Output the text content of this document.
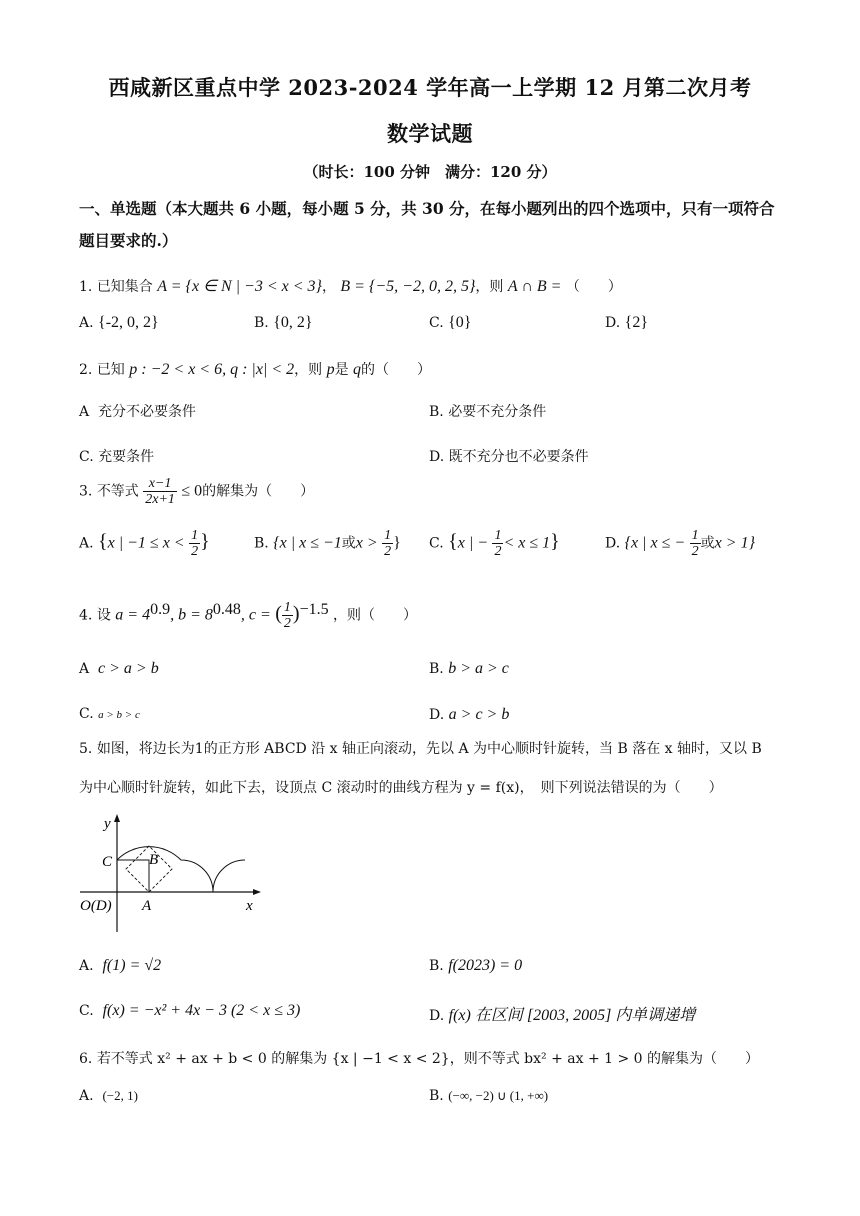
西咸新区重点中学 2023-2024 学年高一上学期 12 月第二次月考
数学试题
（时长：100 分钟　满分：120 分）
一、单选题（本大题共 6 小题，每小题 5 分，共 30 分，在每小题列出的四个选项中，只有一项符合题目要求的.）
1. 已知集合 A = {x ∈ N | −3 < x < 3}， B = {−5, −2, 0, 2, 5}，则 A ∩ B = （　　）
A. {-2, 0, 2}	B. {0, 2}	C. {0}	D. {2}
2. 已知 p : −2 < x < 6, q : |x| < 2，则 p是 q的（　　）
A 充分不必要条件	B. 必要不充分条件
C. 充要条件	D. 既不充分也不必要条件
3. 不等式 $\frac{x-1}{2x+1} \le 0$的解集为（　　）
A. {x | $-1 \le x < \frac{1}{2}$ }	B. {x | x ≤ −1或$x > \frac{1}{2}$ } C. {x | − $\frac{1}{2} < x \le 1$}	D. {x | x ≤ − $\frac{1}{2}$ 或x > 1}
4. 设 $a = 4^{0.9}$, $b = 8^{0.48}$, c = ( $\frac{1}{2} )^{-1.5}$ ，则（　　）
A c > a > b	B. b > a > c
C. a > b > c	D. a > c > b
5. 如图，将边长为1的正方形 ABCD 沿 x 轴正向滚动，先以 A 为中心顺时针旋转，当 B 落在 x 轴时，又以 B
为中心顺时针旋转，如此下去，设顶点 C 滚动时的曲线方程为 y = f(x)，　则下列说法错误的为（　　）
y
C B
O(D) A	x
A. f(1) = √2	B. f(2023) = 0
C. f(x) = −x² + 4x − 3 (2 < x ≤ 3)	D. f(x) 在区间 [2003, 2005] 内单调递增
6. 若不等式 x² + ax + b < 0 的解集为 {x | −1 < x < 2}，则不等式 bx² + ax + 1 > 0 的解集为（　　）
A. (−2, 1)	B. (−∞, −2) ∪ (1, +∞)
